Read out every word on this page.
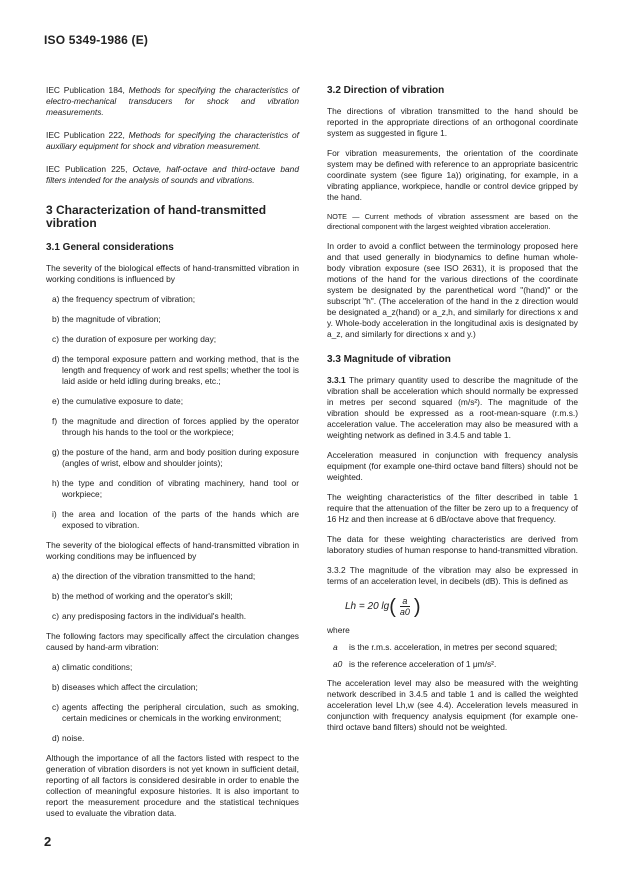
ISO 5349-1986 (E)

IEC Publication 184, Methods for specifying the characteristics of electro-mechanical transducers for shock and vibration measurements.

IEC Publication 222, Methods for specifying the characteristics of auxiliary equipment for shock and vibration measurement.

IEC Publication 225, Octave, half-octave and third-octave band filters intended for the analysis of sounds and vibrations.

3 Characterization of hand-transmitted vibration
3.1 General considerations

The severity of the biological effects of hand-transmitted vibration in working conditions is influenced by

a) the frequency spectrum of vibration;
b) the magnitude of vibration;
c) the duration of exposure per working day;
d) the temporal exposure pattern and working method, that is the length and frequency of work and rest spells; whether the tool is laid aside or held idling during breaks, etc.;
e) the cumulative exposure to date;
f) the magnitude and direction of forces applied by the operator through his hands to the tool or the workpiece;
g) the posture of the hand, arm and body position during exposure (angles of wrist, elbow and shoulder joints);
h) the type and condition of vibrating machinery, hand tool or workpiece;
i) the area and location of the parts of the hands which are exposed to vibration.

The severity of the biological effects of hand-transmitted vibration in working conditions may be influenced by

a) the direction of the vibration transmitted to the hand;
b) the method of working and the operator's skill;
c) any predisposing factors in the individual's health.

The following factors may specifically affect the circulation changes caused by hand-arm vibration:

a) climatic conditions;
b) diseases which affect the circulation;
c) agents affecting the peripheral circulation, such as smoking, certain medicines or chemicals in the working environment;
d) noise.

Although the importance of all the factors listed with respect to the generation of vibration disorders is not yet known in sufficient detail, reporting of all factors is considered desirable in order to enable the collection of meaningful exposure histories. It is also important to report the measurement procedure and the statistical techniques used to evaluate the vibration data.

3.2 Direction of vibration

The directions of vibration transmitted to the hand should be reported in the appropriate directions of an orthogonal coordinate system as suggested in figure 1.

For vibration measurements, the orientation of the coordinate system may be defined with reference to an appropriate basicentric coordinate system (see figure 1a)) originating, for example, in a vibrating appliance, workpiece, handle or control device gripped by the hand.

NOTE — Current methods of vibration assessment are based on the directional component with the largest weighted vibration acceleration.

In order to avoid a conflict between the terminology proposed here and that used generally in biodynamics to define human whole-body vibration exposure (see ISO 2631), it is proposed that the motions of the hand for the various directions of the coordinate system be designated by the parenthetical word "(hand)" or the subscript "h". (The acceleration of the hand in the z direction would be designated a_z(hand) or a_z,h, and similarly for directions x and y. Whole-body acceleration in the longitudinal axis is designated by a_z, and similarly for directions x and y.)

3.3 Magnitude of vibration

3.3.1 The primary quantity used to describe the magnitude of the vibration shall be acceleration which should normally be expressed in metres per second squared (m/s²). The magnitude of the vibration should be expressed as a root-mean-square (r.m.s.) acceleration value. The acceleration may also be measured with a weighting network as defined in 3.4.5 and table 1.

Acceleration measured in conjunction with frequency analysis equipment (for example one-third octave band filters) should not be weighted.

The weighting characteristics of the filter described in table 1 require that the attenuation of the filter be zero up to a frequency of 16 Hz and then increase at 6 dB/octave above that frequency.

The data for these weighting characteristics are derived from laboratory studies of human response to hand-transmitted vibration.

3.3.2 The magnitude of the vibration may also be expressed in terms of an acceleration level, in decibels (dB). This is defined as

Lh = 20 lg ( $\frac{a}{a0}$ )

where

a	is the r.m.s. acceleration, in metres per second squared;
a0 is the reference acceleration of 1 μm/s².

The acceleration level may also be measured with the weighting network described in 3.4.5 and table 1 and is called the weighted acceleration level Lh,w (see 4.4). Acceleration levels measured in conjunction with frequency analysis equipment (for example one-third octave band filters) should not be weighted.

2
